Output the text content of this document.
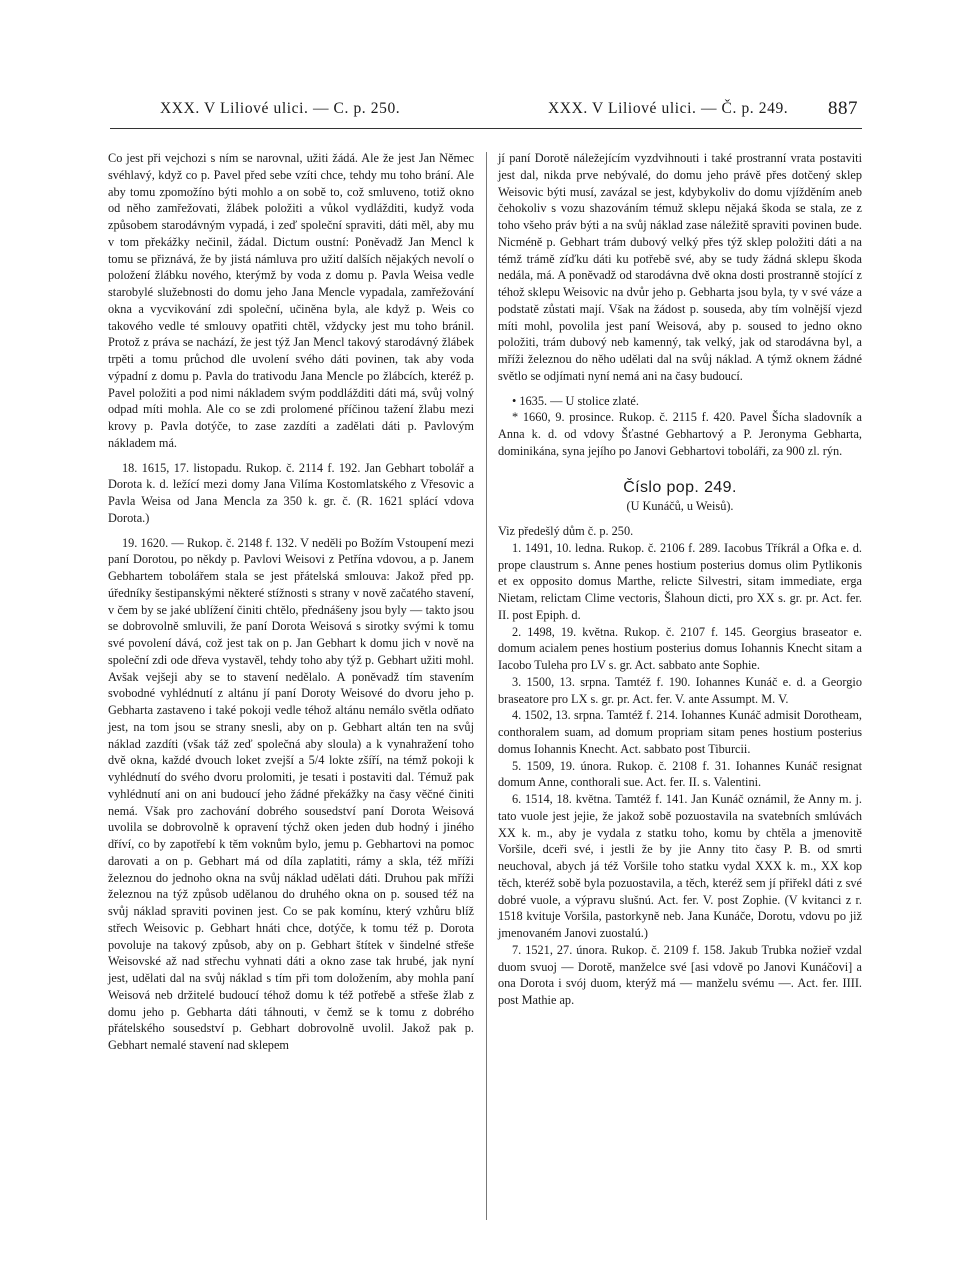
XXX. V Liliové ulici. — C. p. 250.	XXX. V Liliové ulici. — Č. p. 249. 887

Co jest při vejchozi s ním se narovnal, užiti žádá. Ale že jest Jan Němec svéhlavý, když co p. Pavel před sebe vzíti chce, tehdy mu toho brání. Ale aby tomu zpomožíno býti mohlo a on sobě to, což smluveno, totiž okno od něho zamřežovati, žlábek položiti a vůkol vydlážditi, kudyž voda způsobem starodávným vypadá, i zeď společní spraviti, dáti měl, aby mu v tom překážky nečinil, žádal. Dictum oustní: Poněvadž Jan Mencl k tomu se přiznává, že by jistá námluva pro užití dalších nějakých nevolí o položení žlábku nového, kterýmž by voda z domu p. Pavla Weisa vedle starobylé služebnosti do domu jeho Jana Mencle vypadala, zamřežování okna a vycvikování zdi společní, učiněna byla, ale když p. Weis co takového vedle té smlouvy opatřiti chtěl, vždycky jest mu toho bránil. Protož z práva se nachází, že jest týž Jan Mencl takový starodávný žlábek trpěti a tomu průchod dle uvolení svého dáti povinen, tak aby voda výpadní z domu p. Pavla do trativodu Jana Mencle po žlábcích, kteréž p. Pavel položiti a pod nimi nákladem svým poddlážditi dáti má, svůj volný odpad míti mohla. Ale co se zdi prolomené příčinou tažení žlabu mezi krovy p. Pavla dotýče, to zase zazdíti a zadělati dáti p. Pavlovým nákladem má.

18. 1615, 17. listopadu. Rukop. č. 2114 f. 192. Jan Gebhart tobolář a Dorota k. d. ležící mezi domy Jana Vilíma Kostomlatského z Vřesovic a Pavla Weisa od Jana Mencla za 350 k. gr. č. (R. 1621 splácí vdova Dorota.)

19. 1620. — Rukop. č. 2148 f. 132. V neděli po Božím Vstoupení mezi paní Dorotou, po někdy p. Pavlovi Weisovi z Petřína vdovou, a p. Janem Gebhartem tobolářem stala se jest přátelská smlouva: Jakož před pp. úředníky šestipanskými některé stížnosti s strany v nově začatého stavení, v čem by se jaké ublížení činiti chtělo, přednášeny jsou byly — takto jsou se dobrovolně smluvili, že paní Dorota Weisová s sirotky svými k tomu své povolení dává, což jest tak on p. Jan Gebhart k domu jich v nově na společní zdi ode dřeva vystavěl, tehdy toho aby týž p. Gebhart užiti mohl. Avšak vejšeji aby se to stavení nedělalo. A poněvadž tím stavením svobodné vyhlédnutí z altánu jí paní Doroty Weisové do dvoru jeho p. Gebharta zastaveno i také pokoji vedle téhož altánu nemálo světla odňato jest, na tom jsou se strany snesli, aby on p. Gebhart altán ten na svůj náklad zazdíti (však táž zeď společná aby sloula) a k vynahražení toho dvě okna, každé dvouch loket zvejší a 5/4 lokte zšíří, na témž pokoji k vyhlédnutí do svého dvoru prolomiti, je tesati i postaviti dal. Témuž pak vyhlédnutí ani on ani budoucí jeho žádné překážky na časy věčné činiti nemá. Však pro zachování dobrého sousedství paní Dorota Weisová uvolila se dobrovolně k opravení týchž oken jeden dub hodný i jiného dříví, co by zapotřebí k těm voknům bylo, jemu p. Gebhartovi na pomoc darovati a on p. Gebhart má od díla zaplatiti, rámy a skla, též mříži železnou do jednoho okna na svůj náklad udělati dáti. Druhou pak mříži železnou na týž způsob udělanou do druhého okna on p. soused též na svůj náklad spraviti povinen jest. Co se pak komínu, který vzhůru blíž střech Weisovic p. Gebhart hnáti chce, dotýče, k tomu též p. Dorota povoluje na takový způsob, aby on p. Gebhart štítek v šindelné střeše Weisovské až nad střechu vyhnati dáti a okno zase tak hrubé, jak nyní jest, udělati dal na svůj náklad s tím při tom doložením, aby mohla paní Weisová neb držitelé budoucí téhož domu k též potřebě a střeše žlab z domu jeho p. Gebharta dáti táhnouti, v čemž se k tomu z dobrého přátelského sousedství p. Gebhart dobrovolně uvolil. Jakož pak p. Gebhart nemalé stavení nad sklepem

jí paní Dorotě náležejícím vyzdvihnouti i také prostranní vrata postaviti jest dal, nikda prve nebývalé, do domu jeho právě přes dotčený sklep Weisovic býti musí, zavázal se jest, kdybykoliv do domu vjížděním aneb čehokoliv s vozu shazováním témuž sklepu nějaká škoda se stala, ze z toho všeho práv býti a na svůj náklad zase náležitě spraviti povinen bude. Nicméně p. Gebhart trám dubový velký přes týž sklep položiti dáti a na témž trámě zíďku dáti ku potřebě své, aby se tudy žádná sklepu škoda nedála, má. A poněvadž od starodávna dvě okna dosti prostranně stojící z téhož sklepu Weisovic na dvůr jeho p. Gebharta jsou byla, ty v své váze a podstatě zůstati mají. Však na žádost p. souseda, aby tím volnější vjezd míti mohl, povolila jest paní Weisová, aby p. soused to jedno okno položiti, trám dubový neb kamenný, tak velký, jak od starodávna byl, a mříži železnou do něho udělati dal na svůj náklad. A týmž oknem žádné světlo se odjímati nyní nemá ani na časy budoucí.

• 1635. — U stolice zlaté.

* 1660, 9. prosince. Rukop. č. 2115 f. 420. Pavel Šícha sladovník a Anna k. d. od vdovy Šťastné Gebhartový a P. Jeronyma Gebharta, dominikána, syna jejího po Janovi Gebhartovi toboláři, za 900 zl. rýn.

Číslo pop. 249.
(U Kunáčů, u Weisů).

Viz předešlý dům č. p. 250.

1. 1491, 10. ledna. Rukop. č. 2106 f. 289. Iacobus Tříkrál a Ofka e. d. prope claustrum s. Anne penes hostium posterius domus olim Pytlikonis et ex opposito domus Marthe, relicte Silvestri, sitam immediate, erga Nietam, relictam Clime vectoris, Šlahoun dicti, pro XX s. gr. pr. Act. fer. II. post Epiph. d.

2. 1498, 19. května. Rukop. č. 2107 f. 145. Georgius braseator e. domum acialem penes hostium posterius domus Iohannis Knecht sitam a Iacobo Tuleha pro LV s. gr. Act. sabbato ante Sophie.

3. 1500, 13. srpna. Tamtéž f. 190. Iohannes Kunáč e. d. a Georgio braseatore pro LX s. gr. pr. Act. fer. V. ante Assumpt. M. V.

4. 1502, 13. srpna. Tamtéž f. 214. Iohannes Kunáč admisit Dorotheam, conthoralem suam, ad domum propriam sitam penes hostium posterius domus Iohannis Knecht. Act. sabbato post Tiburcii.

5. 1509, 19. února. Rukop. č. 2108 f. 31. Iohannes Kunáč resignat domum Anne, conthorali sue. Act. fer. II. s. Valentini.

6. 1514, 18. května. Tamtéž f. 141. Jan Kunáč oznámil, že Anny m. j. tato vuole jest jejie, že jakož sobě pozuostavila na svatebních smlúvách XX k. m., aby je vydala z statku toho, komu by chtěla a jmenovitě Voršile, dceři své, i jestli že by jie Anny tito časy P. B. od smrti neuchoval, abych já též Voršile toho statku vydal XXX k. m., XX kop těch, kteréž sobě byla pozuostavila, a těch, kteréž sem jí přiřekl dáti z své dobré vuole, a výpravu slušnú. Act. fer. V. post Zophie. (V kvitanci z r. 1518 kvituje Voršila, pastorkyně neb. Jana Kunáče, Dorotu, vdovu po již jmenovaném Janovi zuostalú.)

7. 1521, 27. února. Rukop. č. 2109 f. 158. Jakub Trubka nožieř vzdal duom svuoj — Dorotě, manželce své [asi vdově po Janovi Kunáčovi] a ona Dorota i svój duom, kterýž má — manželu svému —. Act. fer. IIII. post Mathie ap.
